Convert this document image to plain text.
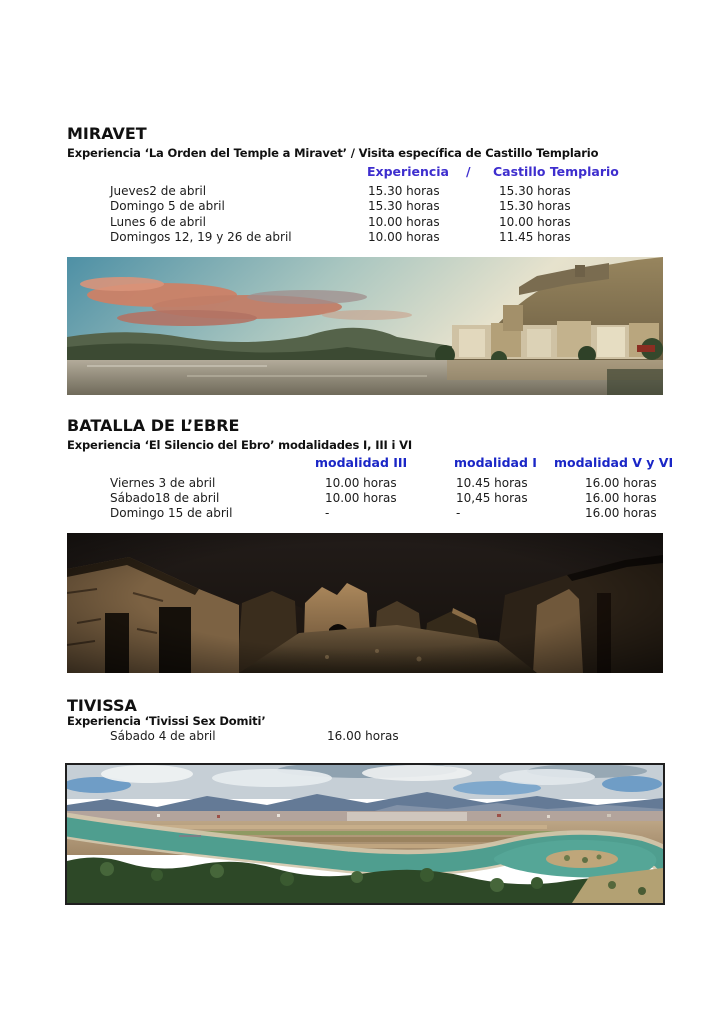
MIRAVET
Experiencia ‘La Orden del Temple a Miravet’ / Visita específica de Castillo Templario
Experiencia / Castillo Templario
Jueves2 de abril	15.30 horas	15.30 horas
Domingo 5 de abril	15.30 horas	15.30 horas
Lunes 6 de abril	10.00 horas	10.00 horas
Domingos 12, 19 y 26 de abril	10.00 horas	11.45 horas
BATALLA DE L’EBRE
Experiencia ‘El Silencio del Ebro’ modalidades I, III i VI
modalidad III	modalidad I modalidad V y VI
Viernes 3 de abril	10.00 horas	10.45 horas	16.00 horas
Sábado18 de abril	10.00 horas	10,45 horas	16.00 horas
Domingo 15 de abril	-	-	16.00 horas
TIVISSA
Experiencia ‘Tivissi Sex Domiti’
Sábado 4 de abril	16.00 horas
